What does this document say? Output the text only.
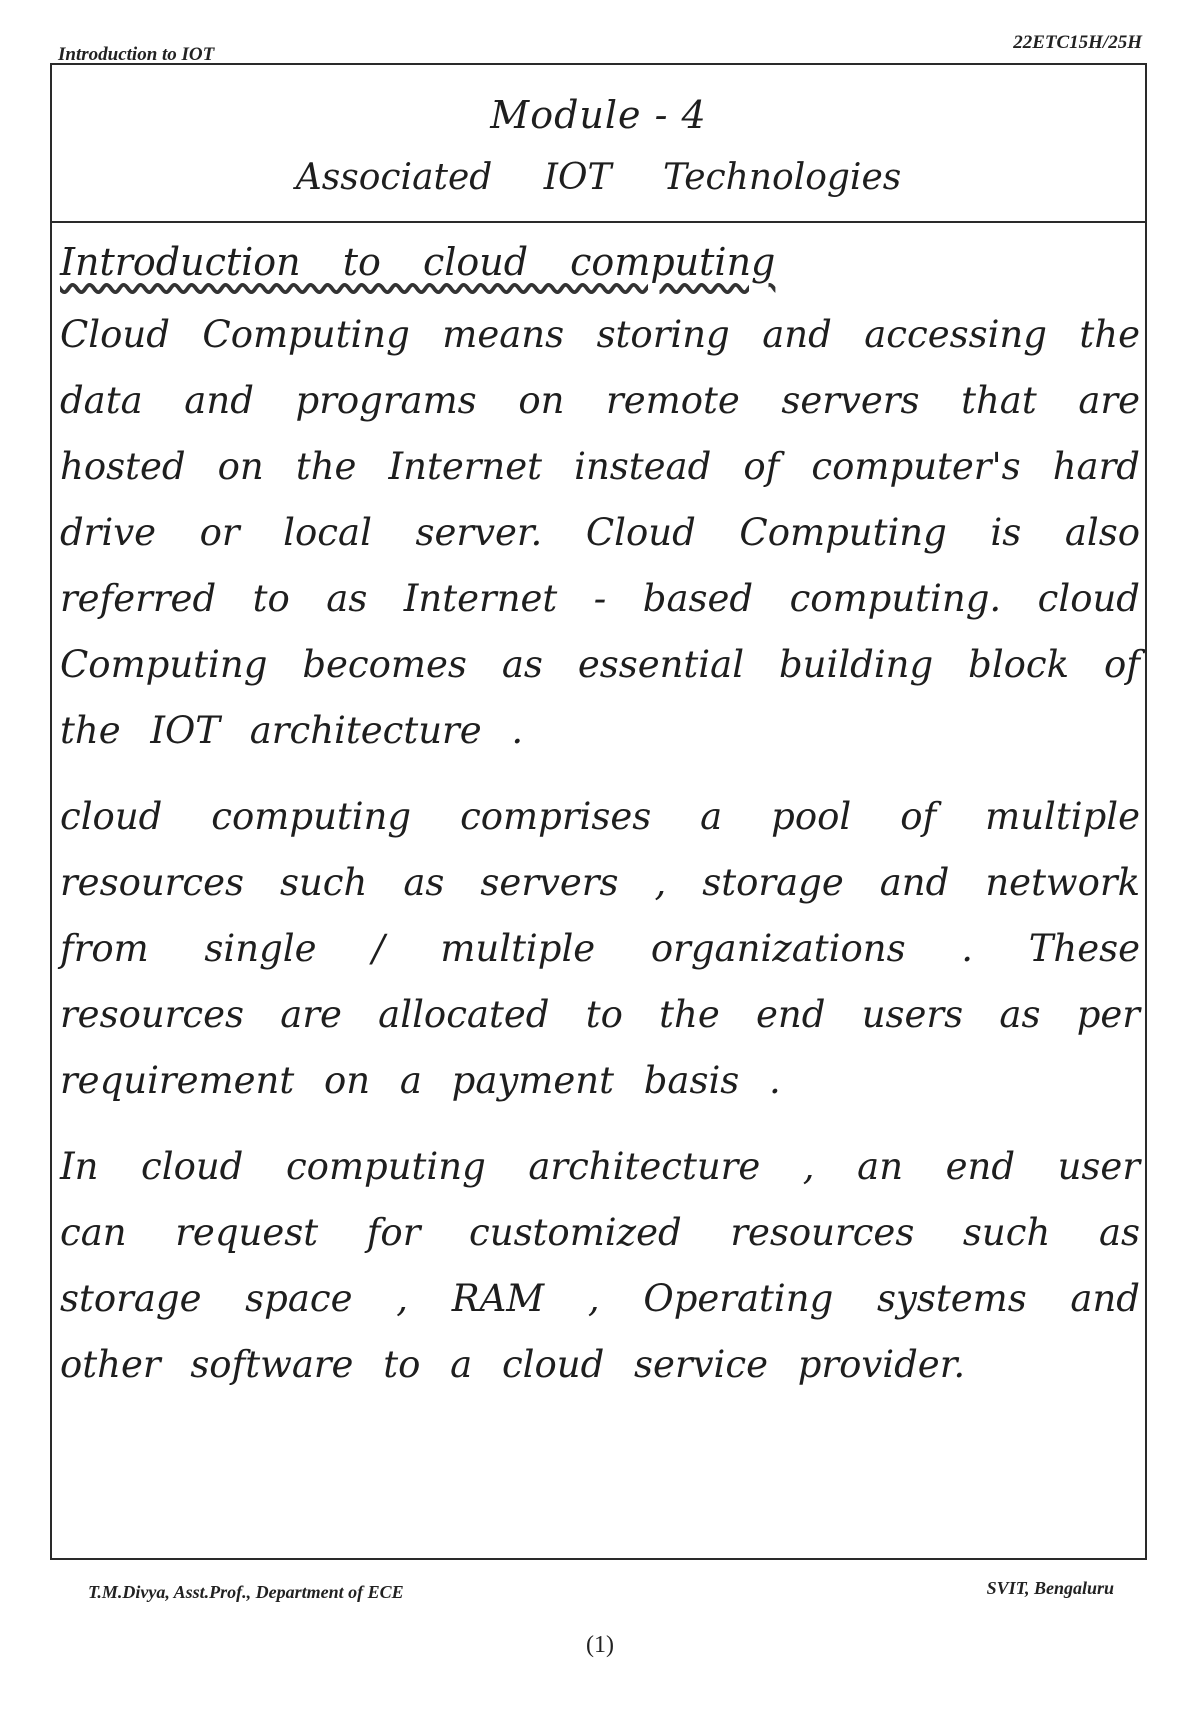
Introduction to IOT
22ETC15H/25H
Module - 4
Associated IOT Technologies
Introduction to cloud computing

Cloud Computing means storing and accessing the data and programs on remote servers that are hosted on the Internet instead of computer's hard drive or local server. Cloud Computing is also referred to as Internet - based computing. cloud Computing becomes as essential building block of the IOT architecture .

cloud computing comprises a pool of multiple resources such as servers , storage and network from single / multiple organizations . These resources are allocated to the end users as per requirement on a payment basis .

In cloud computing architecture , an end user can request for customized resources such as storage space , RAM , Operating systems and other software to a cloud service provider.

T.M.Divya, Asst.Prof., Department of ECE	SVIT, Bengaluru
(1)
